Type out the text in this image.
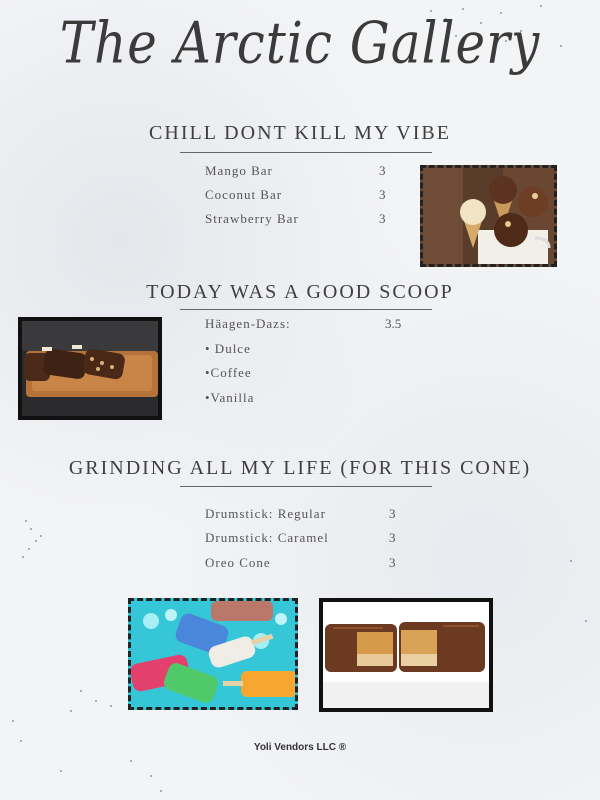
The Arctic Gallery
CHILL DONT KILL MY VIBE
Mango Bar	3
Coconut Bar	3
Strawberry Bar	3
TODAY WAS A GOOD SCOOP
Häagen-Dazs:	3.5
• Dulce
•Coffee
•Vanilla
GRINDING ALL MY LIFE (FOR THIS CONE)
Drumstick: Regular	3
Drumstick: Caramel	3
Oreo Cone	3
Yoli Vendors LLC ®
